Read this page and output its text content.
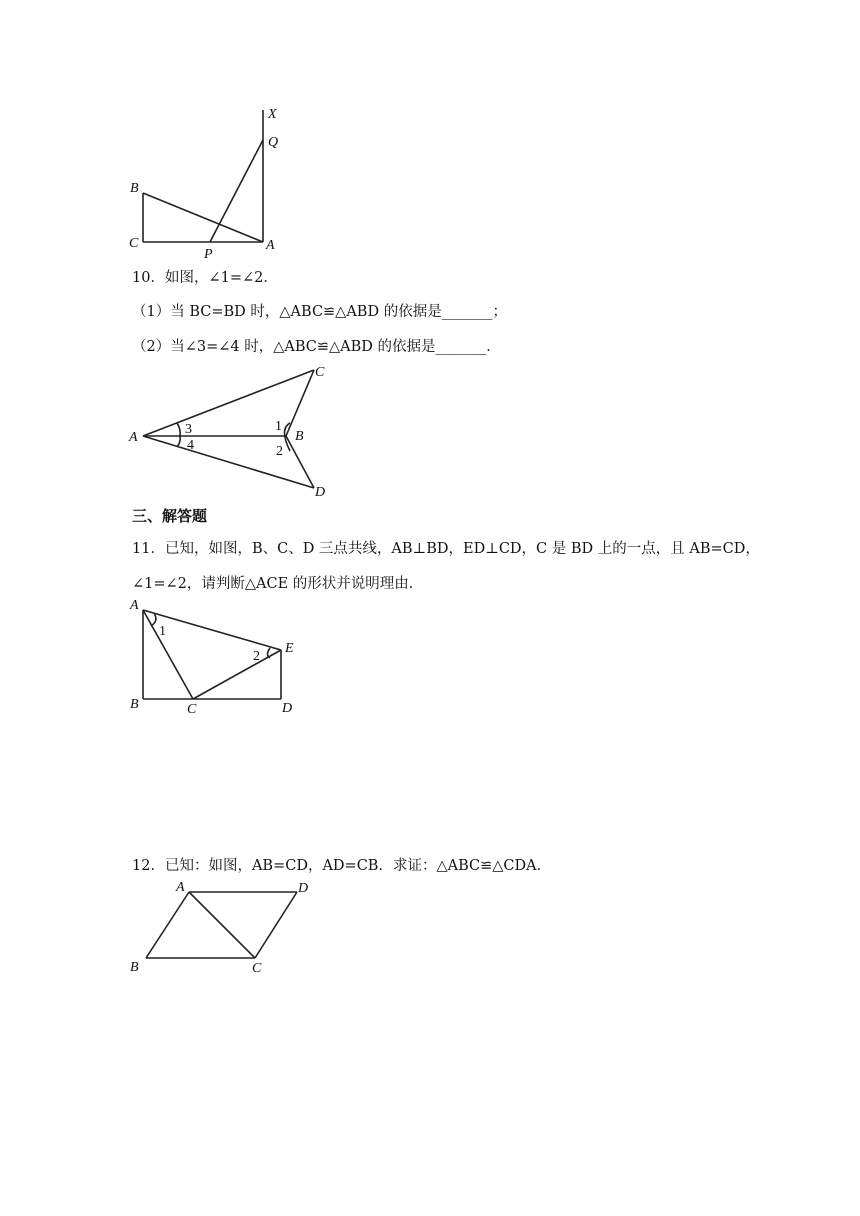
X
Q
B
C
P
A
10．如图，∠1=∠2．
（1）当 BC=BD 时，△ABC≌△ABD 的依据是_______；
（2）当∠3=∠4 时，△ABC≌△ABD 的依据是_______．
A
C
B
D
3
4
1
2
三、解答题
11．已知，如图，B、C、D 三点共线，AB⊥BD，ED⊥CD，C 是 BD 上的一点，且 AB=CD，
∠1=∠2，请判断△ACE 的形状并说明理由．
A
E
B	C	D
1
2
12．已知：如图，AB=CD，AD=CB．求证：△ABC≌△CDA．
A	D
B	C
